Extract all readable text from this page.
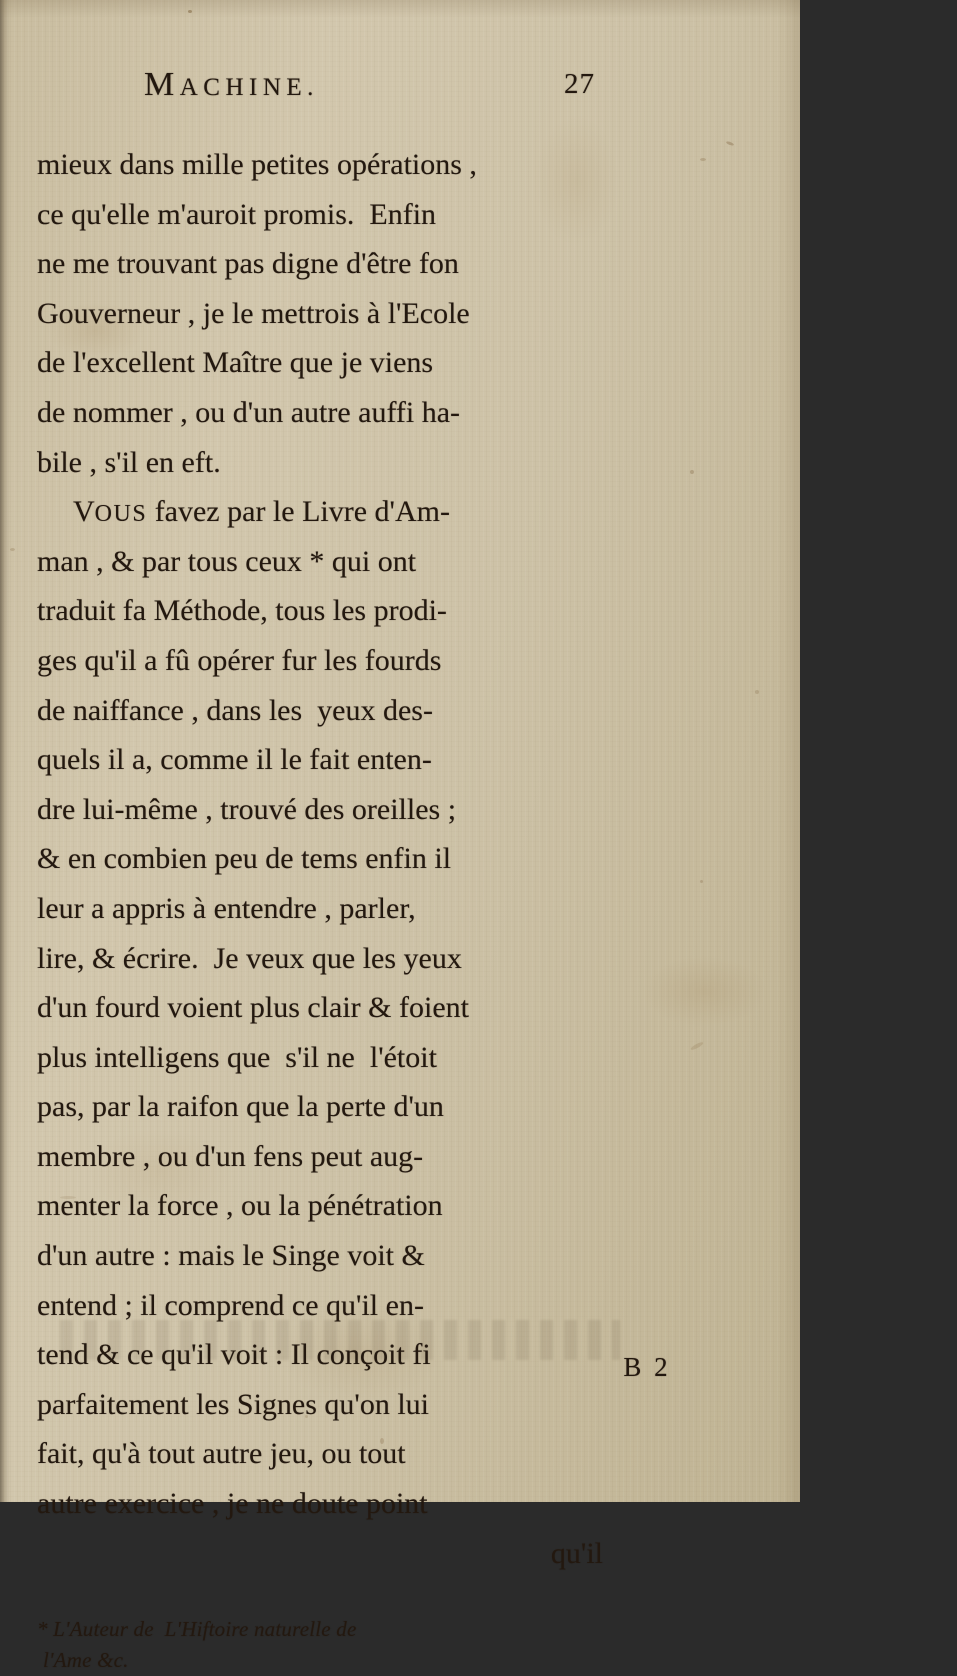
MACHINE.	27
mieux dans mille petites opérations ,
ce qu'elle m'auroit promis.  Enfin
ne me trouvant pas digne d'être fon
Gouverneur , je le mettrois à l'Ecole
de l'excellent Maître que je viens
de nommer , ou d'un autre auffi ha-
bile , s'il en eft.
VOUS favez par le Livre d'Am-
man , & par tous ceux * qui ont
traduit fa Méthode, tous les prodi-
ges qu'il a fû opérer fur les fourds
de naiffance , dans les  yeux des-
quels il a, comme il le fait enten-
dre lui-même , trouvé des oreilles ;
& en combien peu de tems enfin il
leur a appris à entendre , parler,
lire, & écrire.  Je veux que les yeux
d'un fourd voient plus clair & foient
plus intelligens que  s'il ne  l'étoit
pas, par la raifon que la perte d'un
membre , ou d'un fens peut aug-
menter la force , ou la pénétration
d'un autre : mais le Singe voit &
entend ; il comprend ce qu'il en-
tend & ce qu'il voit : Il conçoit fi
parfaitement les Signes qu'on lui
fait, qu'à tout autre jeu, ou tout
autre exercice , je ne doute point
qu'il
* L'Auteur de  L'Hiftoire naturelle de
l'Ame &c.
B 2
